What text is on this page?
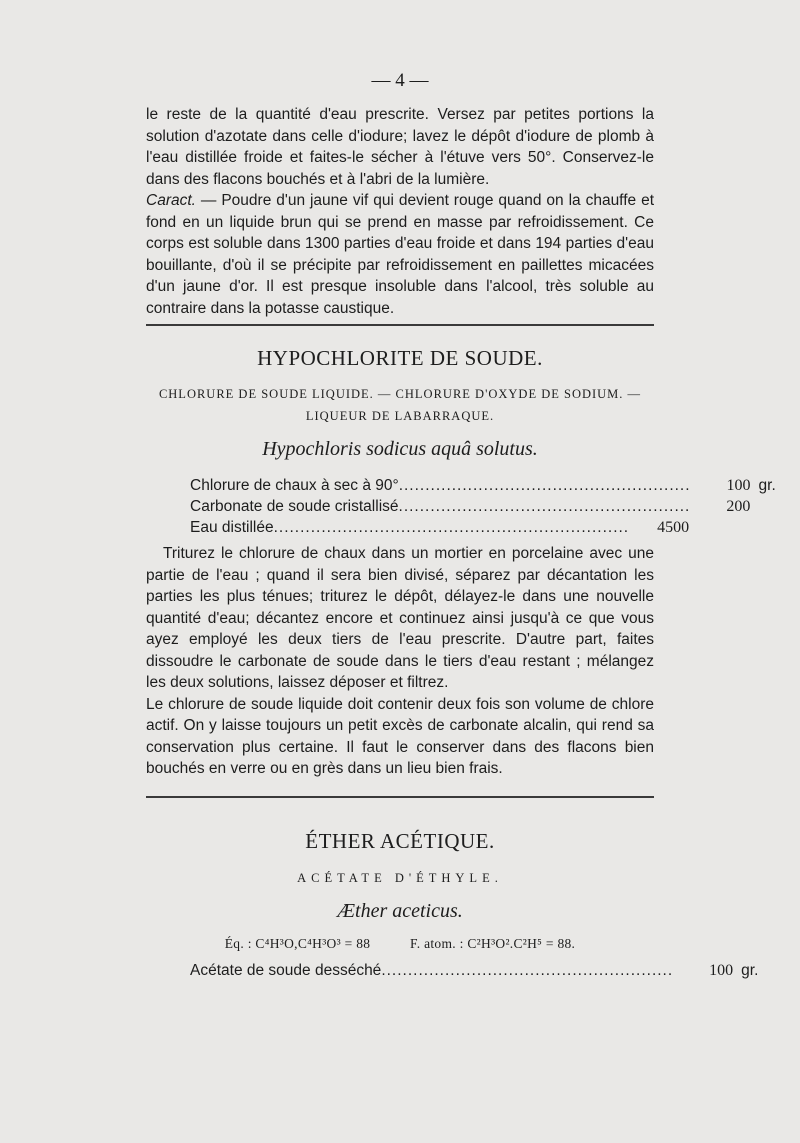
— 4 —

le reste de la quantité d'eau prescrite. Versez par petites portions la solution d'azotate dans celle d'iodure; lavez le dépôt d'iodure de plomb à l'eau distillée froide et faites-le sécher à l'étuve vers 50°. Conservez-le dans des flacons bouchés et à l'abri de la lumière.

Caract. — Poudre d'un jaune vif qui devient rouge quand on la chauffe et fond en un liquide brun qui se prend en masse par refroidissement. Ce corps est soluble dans 1300 parties d'eau froide et dans 194 parties d'eau bouillante, d'où il se précipite par refroidissement en paillettes micacées d'un jaune d'or. Il est presque insoluble dans l'alcool, très soluble au contraire dans la potasse caustique.

HYPOCHLORITE DE SOUDE.
CHLORURE DE SOUDE LIQUIDE. — CHLORURE D'OXYDE DE SODIUM. —
LIQUEUR DE LABARRAQUE.
Hypochloris sodicus aquâ solutus.
Chlorure de chaux à sec à 90° .......................................................	100 gr.
Carbonate de soude cristallisé .......................................................	200
Eau distillée ...................................................................	4500

Triturez le chlorure de chaux dans un mortier en porcelaine avec une partie de l'eau ; quand il sera bien divisé, séparez par décantation les parties les plus ténues; triturez le dépôt, délayez-le dans une nouvelle quantité d'eau; décantez encore et continuez ainsi jusqu'à ce que vous ayez employé les deux tiers de l'eau prescrite. D'autre part, faites dissoudre le carbonate de soude dans le tiers d'eau restant ; mélangez les deux solutions, laissez déposer et filtrez.

Le chlorure de soude liquide doit contenir deux fois son volume de chlore actif. On y laisse toujours un petit excès de carbonate alcalin, qui rend sa conservation plus certaine. Il faut le conserver dans des flacons bien bouchés en verre ou en grès dans un lieu bien frais.

ÉTHER ACÉTIQUE.
ACÉTATE D'ÉTHYLE.
Æther aceticus.
Éq. : C⁴H³O,C⁴H³O³ = 88	F. atom. : C²H³O².C²H⁵ = 88.
Acétate de soude desséché .......................................................	100 gr.
